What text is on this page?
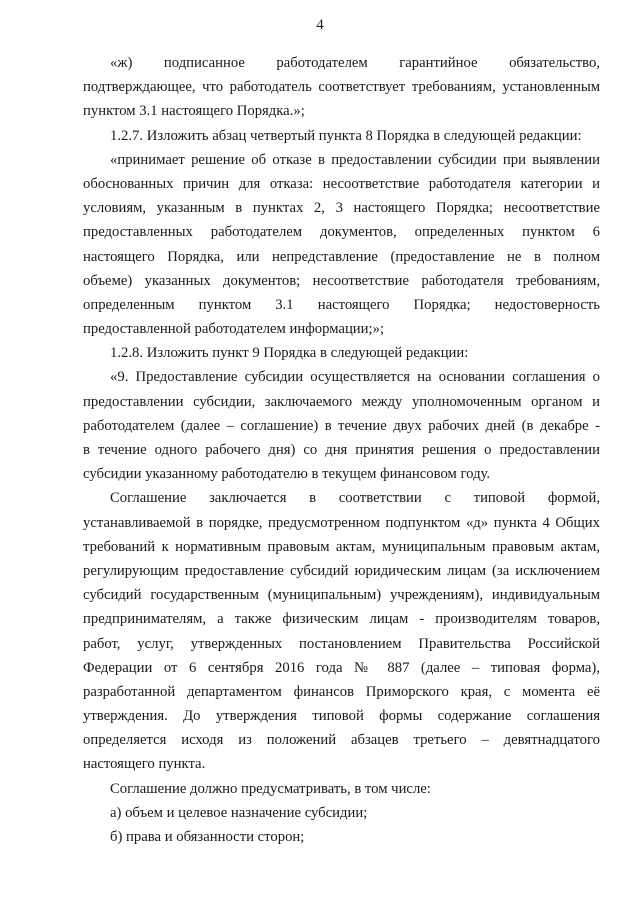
4
«ж) подписанное работодателем гарантийное обязательство,
подтверждающее, что работодатель соответствует требованиям, установленным
пунктом 3.1 настоящего Порядка.»;
1.2.7. Изложить абзац четвертый пункта 8 Порядка в следующей редакции:
«принимает решение об отказе в предоставлении субсидии при выявлении
обоснованных причин для отказа: несоответствие работодателя категории и
условиям, указанным в пунктах 2, 3 настоящего Порядка; несоответствие
предоставленных работодателем документов, определенных пунктом 6
настоящего Порядка, или непредставление (предоставление не в полном
объеме) указанных документов; несоответствие работодателя требованиям,
определенным пунктом 3.1 настоящего Порядка; недостоверность
предоставленной работодателем информации;»;
1.2.8. Изложить пункт 9 Порядка в следующей редакции:
«9. Предоставление субсидии осуществляется на основании соглашения о
предоставлении субсидии, заключаемого между уполномоченным органом и
работодателем (далее – соглашение) в течение двух рабочих дней (в декабре -
в течение одного рабочего дня) со дня принятия решения о предоставлении
субсидии указанному работодателю в текущем финансовом году.
Соглашение заключается в соответствии с типовой формой,
устанавливаемой в порядке, предусмотренном подпунктом «д» пункта 4 Общих
требований к нормативным правовым актам, муниципальным правовым актам,
регулирующим предоставление субсидий юридическим лицам (за исключением
субсидий государственным (муниципальным) учреждениям), индивидуальным
предпринимателям, а также физическим лицам - производителям товаров,
работ, услуг, утвержденных постановлением Правительства Российской
Федерации от 6 сентября 2016 года № 887 (далее – типовая форма),
разработанной департаментом финансов Приморского края, с момента её
утверждения. До утверждения типовой формы содержание соглашения
определяется исходя из положений абзацев третьего – девятнадцатого
настоящего пункта.
Соглашение должно предусматривать, в том числе:
а) объем и целевое назначение субсидии;
б) права и обязанности сторон;
